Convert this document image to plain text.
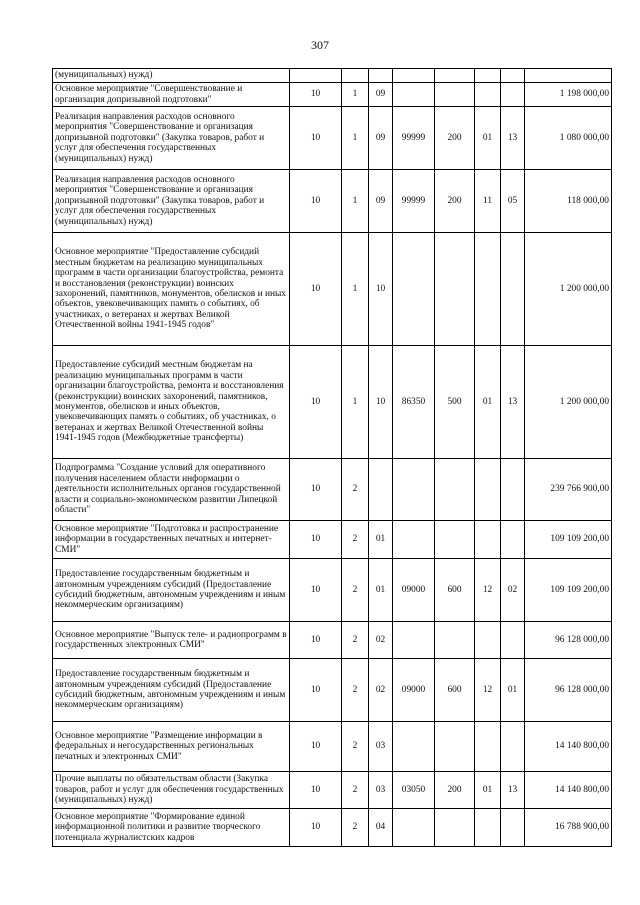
307
(муниципальных) нужд)								
Основное мероприятие "Совершенствование и организация допризывной подготовки"	10	1	09					1 198 000,00
Реализация направления расходов основного мероприятия "Совершенствование и организация допризывной подготовки" (Закупка товаров, работ и услуг для обеспечения государственных (муниципальных) нужд)	10	1	09	99999	200	01	13	1 080 000,00
Реализация направления расходов основного мероприятия "Совершенствование и организация допризывной подготовки" (Закупка товаров, работ и услуг для обеспечения государственных (муниципальных) нужд)	10	1	09	99999	200	11	05	118 000,00
Основное мероприятие "Предоставление субсидий местным бюджетам на реализацию муниципальных программ в части организации благоустройства, ремонта и восстановления (реконструкции) воинских захоронений, памятников, монументов, обелисков и иных объектов, увековечивающих память о событиях, об участниках, о ветеранах и жертвах Великой Отечественной войны 1941-1945 годов"	10	1	10					1 200 000,00
Предоставление субсидий местным бюджетам на реализацию муниципальных программ в части организации благоустройства, ремонта и восстановления (реконструкции) воинских захоронений, памятников, монументов, обелисков и иных объектов, увековечивающих память о событиях, об участниках, о ветеранах и жертвах Великой Отечественной войны 1941-1945 годов (Межбюджетные трансферты)	10	1	10	86350	500	01	13	1 200 000,00
Подпрограмма "Создание условий для оперативного получения населением области информации о деятельности исполнительных органов государственной власти и социально-экономическом развитии Липецкой области"	10	2						239 766 900,00
Основное мероприятие "Подготовка и распространение информации в государственных печатных и интернет-СМИ"	10	2	01					109 109 200,00
Предоставление государственным бюджетным и автономным учреждениям субсидий (Предоставление субсидий бюджетным, автономным учреждениям и иным некоммерческим организациям)	10	2	01	09000	600	12	02	109 109 200,00
Основное мероприятие "Выпуск теле- и радиопрограмм в государственных электронных СМИ"	10	2	02					96 128 000,00
Предоставление государственным бюджетным и автономным учреждениям субсидий (Предоставление субсидий бюджетным, автономным учреждениям и иным некоммерческим организациям)	10	2	02	09000	600	12	01	96 128 000,00
Основное мероприятие "Размещение информации в федеральных и негосударственных региональных печатных и электронных СМИ"	10	2	03					14 140 800,00
Прочие выплаты по обязательствам области (Закупка товаров, работ и услуг для обеспечения государственных (муниципальных) нужд)	10	2	03	03050	200	01	13	14 140 800,00
Основное мероприятие "Формирование единой информационной политики и развитие творческого потенциала журналистских кадров	10	2	04					16 788 900,00
